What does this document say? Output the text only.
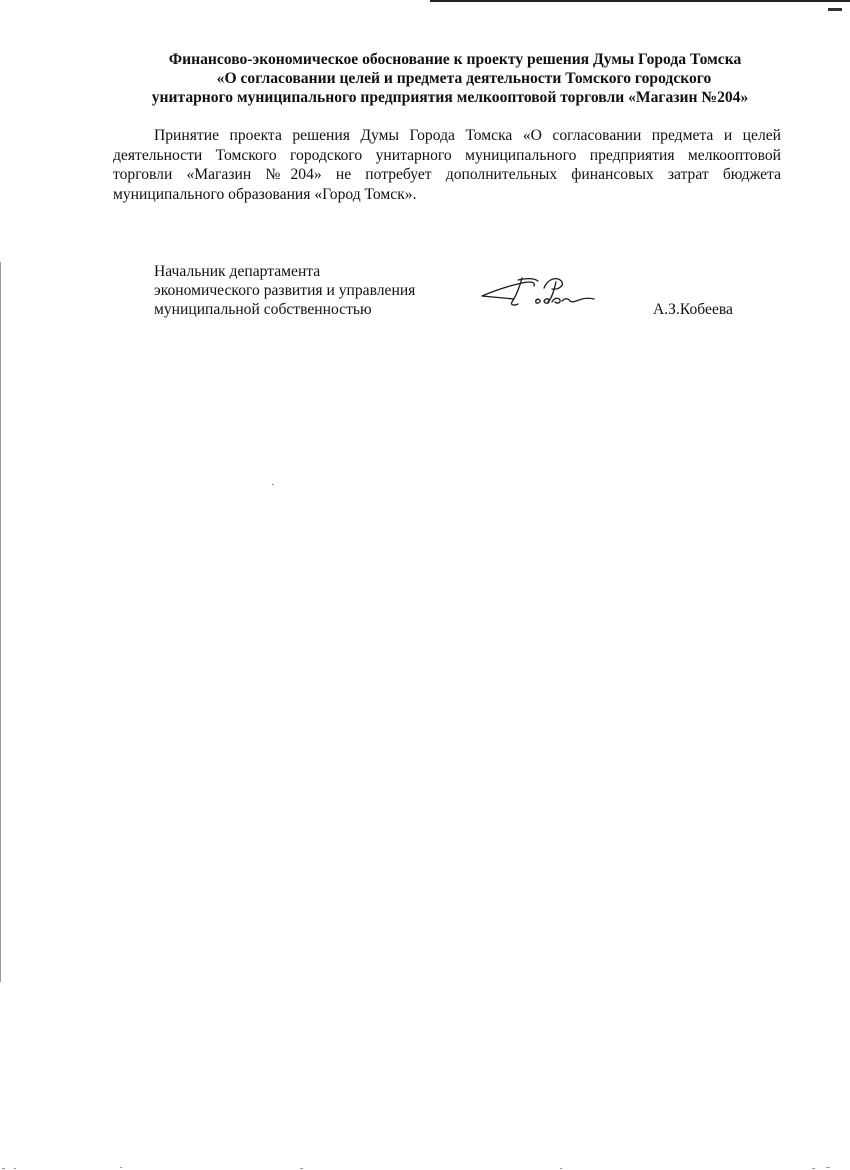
Финансово-экономическое обоснование к проекту решения Думы Города Томска
«О согласовании целей и предмета деятельности Томского городского
унитарного муниципального предприятия мелкооптовой торговли «Магазин №204»

Принятие проекта решения Думы Города Томска «О согласовании предмета и целей деятельности Томского городского унитарного муниципального предприятия мелкооптовой торговли «Магазин №204» не потребует дополнительных финансовых затрат бюджета муниципального образования «Город Томск».

Начальник департамента
экономического развития и управления
муниципальной собственностью	А.З.Кобеева
